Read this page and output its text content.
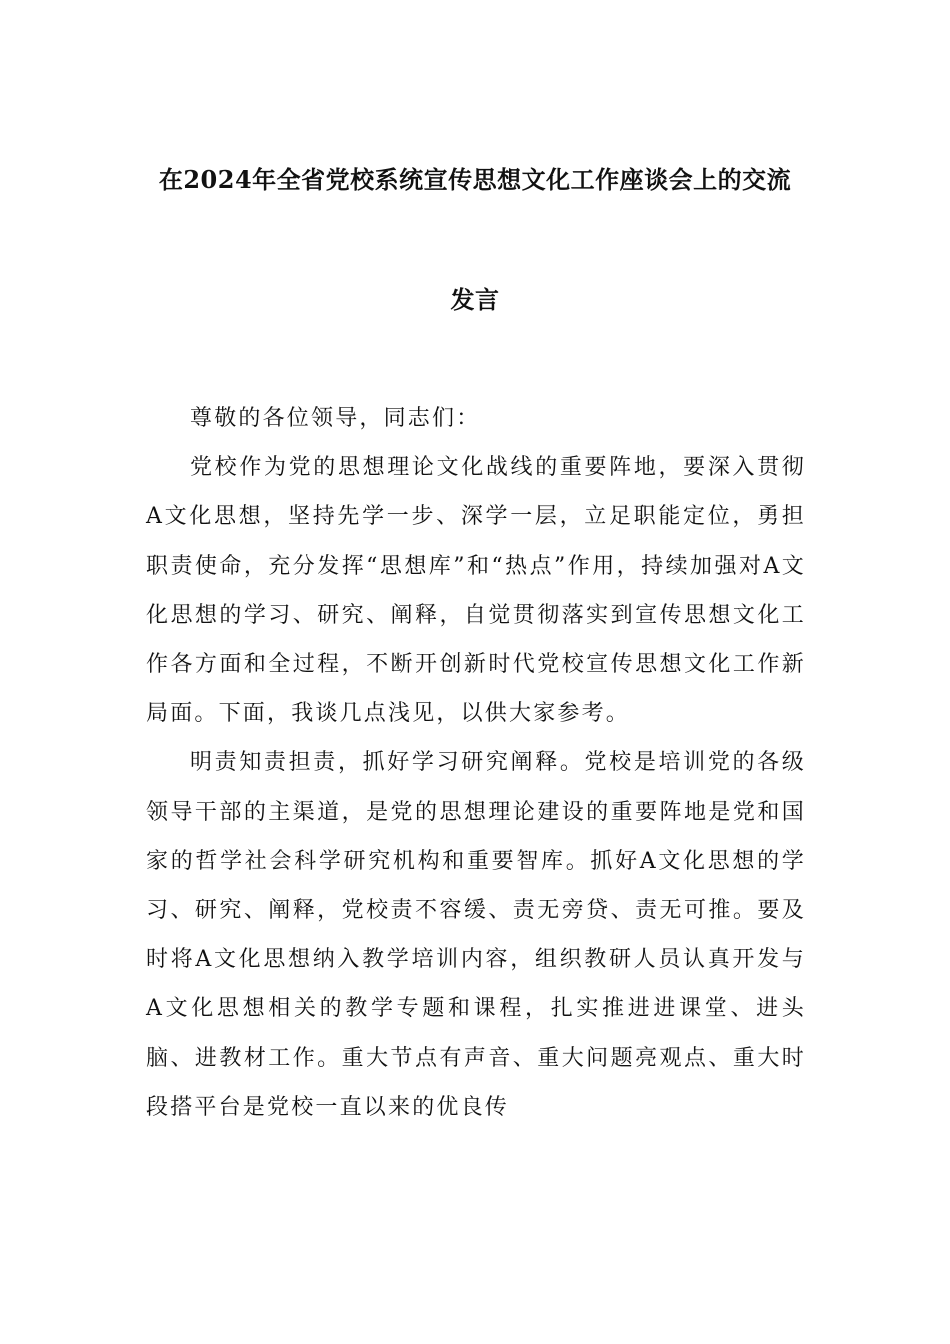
在2024年全省党校系统宣传思想文化工作座谈会上的交流
发言

尊敬的各位领导，同志们：

党校作为党的思想理论文化战线的重要阵地，要深入贯彻A文化思想，坚持先学一步、深学一层，立足职能定位，勇担职责使命，充分发挥“思想库”和“热点”作用，持续加强对A文化思想的学习、研究、阐释，自觉贯彻落实到宣传思想文化工作各方面和全过程，不断开创新时代党校宣传思想文化工作新局面。下面，我谈几点浅见，以供大家参考。

明责知责担责，抓好学习研究阐释。党校是培训党的各级领导干部的主渠道，是党的思想理论建设的重要阵地是党和国家的哲学社会科学研究机构和重要智库。抓好A文化思想的学习、研究、阐释，党校责不容缓、责无旁贷、责无可推。要及时将A文化思想纳入教学培训内容，组织教研人员认真开发与A文化思想相关的教学专题和课程，扎实推进进课堂、进头脑、进教材工作。重大节点有声音、重大问题亮观点、重大时段搭平台是党校一直以来的优良传
